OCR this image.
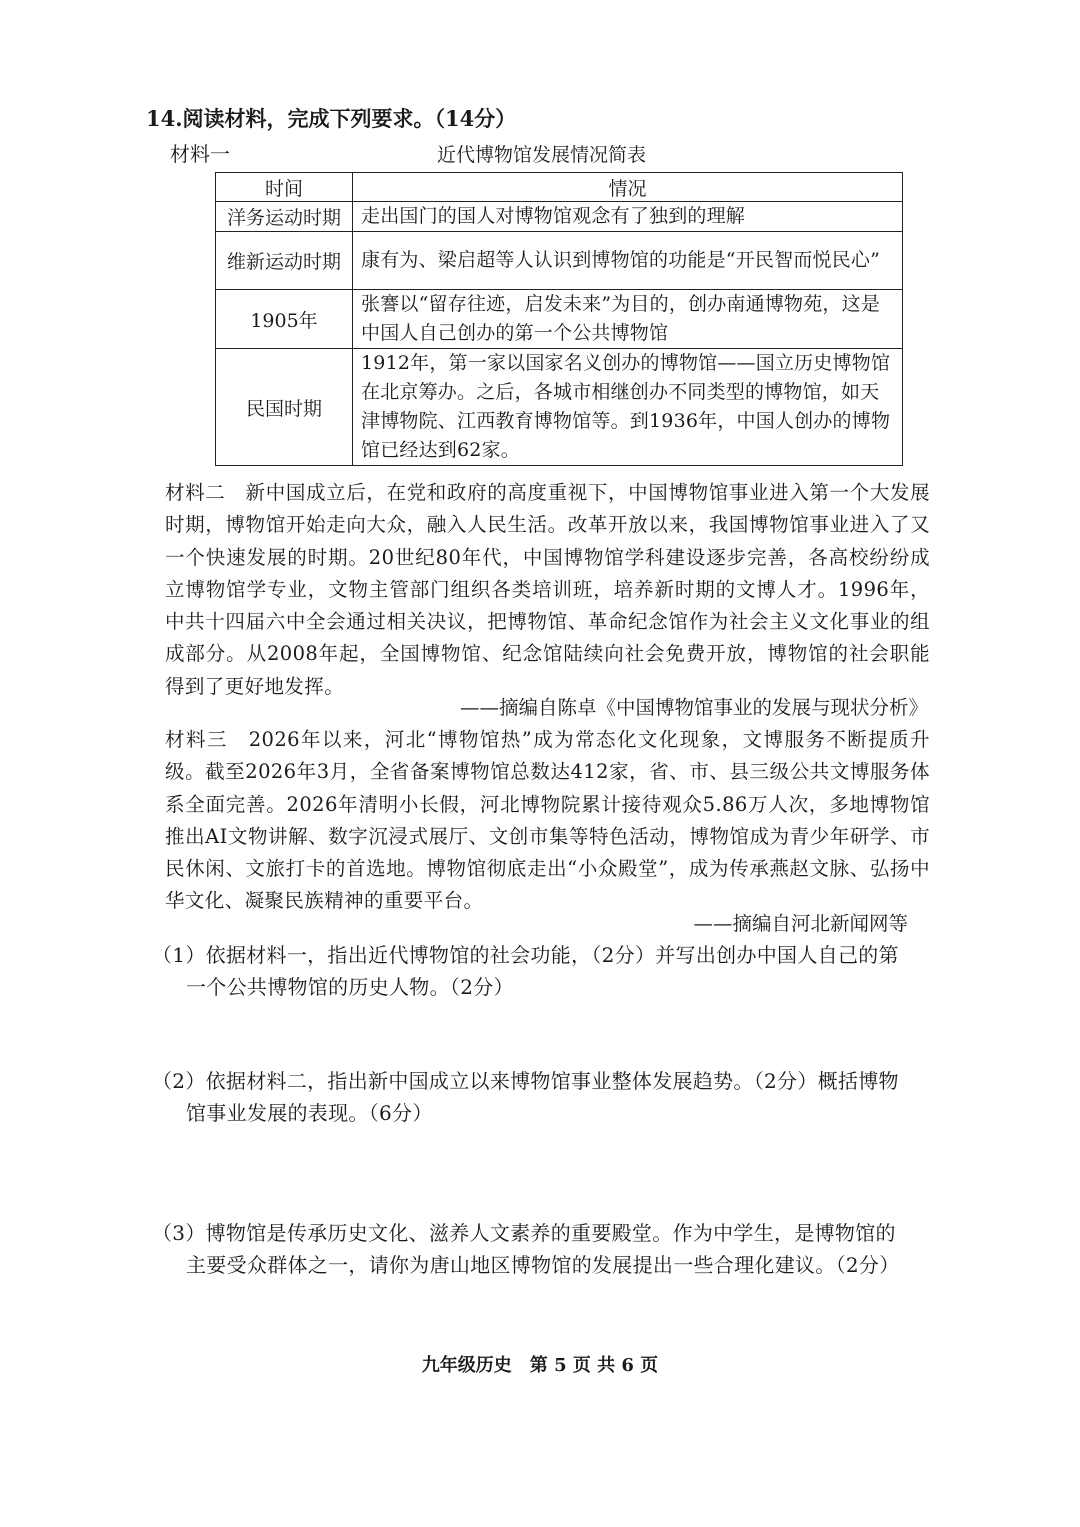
14.阅读材料，完成下列要求。（14分）
材料一	近代博物馆发展情况简表
时间	情况
洋务运动时期	走出国门的国人对博物馆观念有了独到的理解
维新运动时期	康有为、梁启超等人认识到博物馆的功能是“开民智而悦民心”
1905年	张謇以“留存往迹，启发未来”为目的，创办南通博物苑，这是中国人自己创办的第一个公共博物馆
民国时期	1912年，第一家以国家名义创办的博物馆——国立历史博物馆在北京筹办。之后，各城市相继创办不同类型的博物馆，如天津博物院、江西教育博物馆等。到1936年，中国人创办的博物馆已经达到62家。
材料二　新中国成立后，在党和政府的高度重视下，中国博物馆事业进入第一个大发展时期，博物馆开始走向大众，融入人民生活。改革开放以来，我国博物馆事业进入了又一个快速发展的时期。20世纪80年代，中国博物馆学科建设逐步完善，各高校纷纷成立博物馆学专业，文物主管部门组织各类培训班，培养新时期的文博人才。1996年，中共十四届六中全会通过相关决议，把博物馆、革命纪念馆作为社会主义文化事业的组成部分。从2008年起，全国博物馆、纪念馆陆续向社会免费开放，博物馆的社会职能得到了更好地发挥。
——摘编自陈卓《中国博物馆事业的发展与现状分析》
材料三　2026年以来，河北“博物馆热”成为常态化文化现象，文博服务不断提质升级。截至2026年3月，全省备案博物馆总数达412家，省、市、县三级公共文博服务体系全面完善。2026年清明小长假，河北博物院累计接待观众5.86万人次，多地博物馆推出AI文物讲解、数字沉浸式展厅、文创市集等特色活动，博物馆成为青少年研学、市民休闲、文旅打卡的首选地。博物馆彻底走出“小众殿堂”，成为传承燕赵文脉、弘扬中华文化、凝聚民族精神的重要平台。
——摘编自河北新闻网等
（1）依据材料一，指出近代博物馆的社会功能，（2分）并写出创办中国人自己的第
一个公共博物馆的历史人物。（2分）
（2）依据材料二，指出新中国成立以来博物馆事业整体发展趋势。（2分）概括博物
馆事业发展的表现。（6分）
（3）博物馆是传承历史文化、滋养人文素养的重要殿堂。作为中学生，是博物馆的
主要受众群体之一，请你为唐山地区博物馆的发展提出一些合理化建议。（2分）
九年级历史　第 5 页 共 6 页
